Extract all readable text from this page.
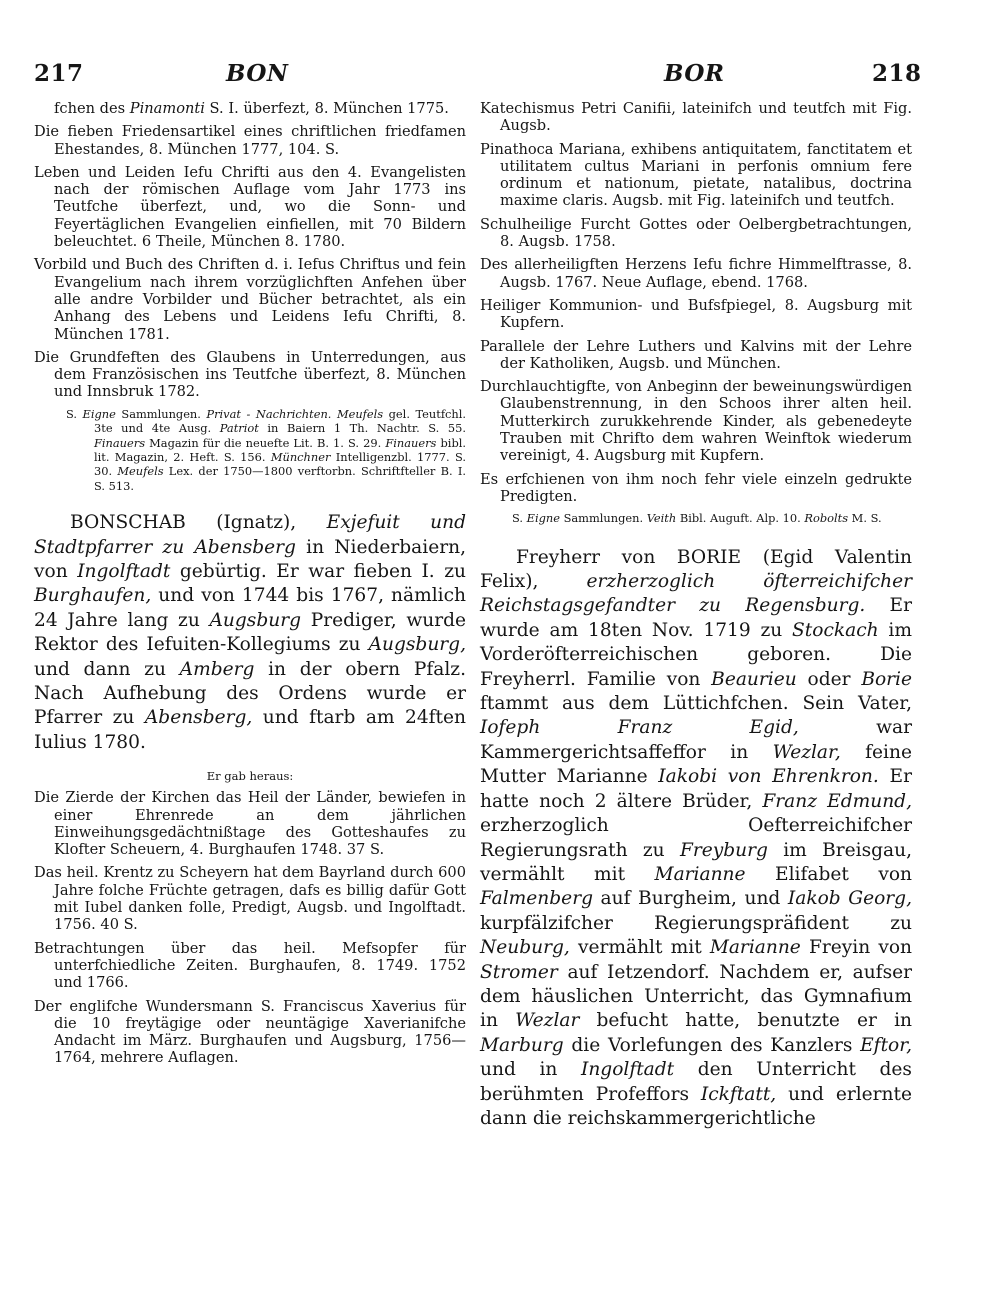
217	BON	BOR	218

fchen des Pinamonti S. I. überfezt, 8. München 1775.

Die fieben Friedensartikel eines chriftlichen friedfamen Ehestandes, 8. München 1777, 104. S.

Leben und Leiden Iefu Chrifti aus den 4. Evangelisten nach der römischen Auflage vom Jahr 1773 ins Teutfche überfezt, und, wo die Sonn- und Feyertäglichen Evangelien einfiellen, mit 70 Bildern beleuchtet. 6 Theile, München 8. 1780.

Vorbild und Buch des Chriften d. i. Iefus Chriftus und fein Evangelium nach ihrem vorzüglichften Anfehen über alle andre Vorbilder und Bücher betrachtet, als ein Anhang des Lebens und Leidens Iefu Chrifti, 8. München 1781.

Die Grundfeften des Glaubens in Unterredungen, aus dem Französischen ins Teutfche überfezt, 8. München und Innsbruk 1782.

S. Eigne Sammlungen. Privat - Nachrichten. Meufels gel. Teutfchl. 3te und 4te Ausg. Patriot in Baiern 1 Th. Nachtr. S. 55. Finauers Magazin für die neuefte Lit. B. 1. S. 29. Finauers bibl. lit. Magazin, 2. Heft. S. 156. Münchner Intelligenzbl. 1777. S. 30. Meufels Lex. der 1750—1800 verftorbn. Schriftfteller B. I. S. 513.

BONSCHAB (Ignatz), Exjefuit und Stadtpfarrer zu Abensberg in Niederbaiern, von Ingolftadt gebürtig. Er war fieben I. zu Burghaufen, und von 1744 bis 1767, nämlich 24 Jahre lang zu Augsburg Prediger, wurde Rektor des Iefuiten-Kollegiums zu Augsburg, und dann zu Amberg in der obern Pfalz. Nach Aufhebung des Ordens wurde er Pfarrer zu Abensberg, und ftarb am 24ften Iulius 1780.

Er gab heraus:

Die Zierde der Kirchen das Heil der Länder, bewiefen in einer Ehrenrede an dem jährlichen Einweihungsgedächtnißtage des Gotteshaufes zu Klofter Scheuern, 4. Burghaufen 1748. 37 S.

Das heil. Krentz zu Scheyern hat dem Bayrland durch 600 Jahre folche Früchte getragen, dafs es billig dafür Gott mit Iubel danken folle, Predigt, Augsb. und Ingolftadt. 1756. 40 S.

Betrachtungen über das heil. Mefsopfer für unterfchiedliche Zeiten. Burghaufen, 8. 1749. 1752 und 1766.

Der englifche Wundersmann S. Franciscus Xaverius für die 10 freytägige oder neuntägige Xaverianifche Andacht im März. Burghaufen und Augsburg, 1756—1764, mehrere Auflagen.

Katechismus Petri Canifii, lateinifch und teutfch mit Fig. Augsb.

Pinathoca Mariana, exhibens antiquitatem, fanctitatem et utilitatem cultus Mariani in perfonis omnium fere ordinum et nationum, pietate, natalibus, doctrina maxime claris. Augsb. mit Fig. lateinifch und teutfch.

Schulheilige Furcht Gottes oder Oelbergbetrachtungen, 8. Augsb. 1758.

Des allerheiligften Herzens Iefu fichre Himmelftrasse, 8. Augsb. 1767. Neue Auflage, ebend. 1768.

Heiliger Kommunion- und Bufsfpiegel, 8. Augsburg mit Kupfern.

Parallele der Lehre Luthers und Kalvins mit der Lehre der Katholiken, Augsb. und München.

Durchlauchtigfte, von Anbeginn der beweinungswürdigen Glaubenstrennung, in den Schoos ihrer alten heil. Mutterkirch zurukkehrende Kinder, als gebenedeyte Trauben mit Chrifto dem wahren Weinftok wiederum vereinigt, 4. Augsburg mit Kupfern.

Es erfchienen von ihm noch fehr viele einzeln gedrukte Predigten.

S. Eigne Sammlungen. Veith Bibl. Auguft. Alp. 10. Robolts M. S.

Freyherr von BORIE (Egid Valentin Felix), erzherzoglich öfterreichifcher Reichstagsgefandter zu Regensburg. Er wurde am 18ten Nov. 1719 zu Stockach im Vorderöfterreichischen geboren. Die Freyherrl. Familie von Beaurieu oder Borie ftammt aus dem Lüttichfchen. Sein Vater, Iofeph Franz Egid, war Kammergerichtsaffeffor in Wezlar, feine Mutter Marianne Iakobi von Ehrenkron. Er hatte noch 2 ältere Brüder, Franz Edmund, erzherzoglich Oefterreichifcher Regierungsrath zu Freyburg im Breisgau, vermählt mit Marianne Elifabet von Falmenberg auf Burgheim, und Iakob Georg, kurpfälzifcher Regierungspräfident zu Neuburg, vermählt mit Marianne Freyin von Stromer auf Ietzendorf. Nachdem er, aufser dem häuslichen Unterricht, das Gymnafium in Wezlar befucht hatte, benutzte er in Marburg die Vorlefungen des Kanzlers Eftor, und in Ingolftadt den Unterricht des berühmten Profeffors Ickftatt, und erlernte dann die reichskammergerichtliche
